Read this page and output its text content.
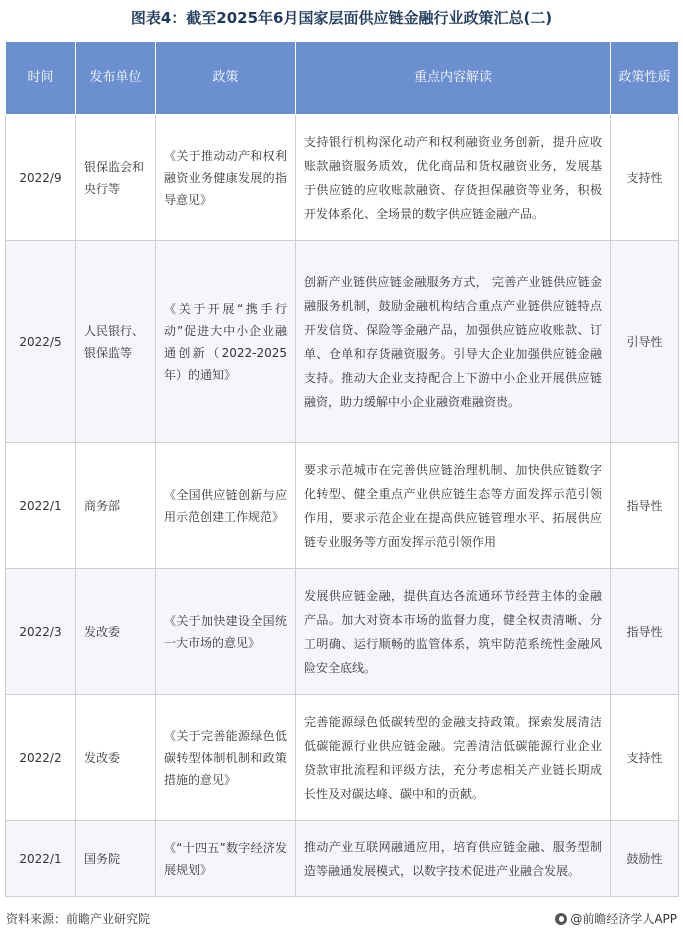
图表4：截至2025年6月国家层面供应链金融行业政策汇总(二)
时间	发布单位	政策	重点内容解读	政策性质
2022/9	银保监会和央行等	《关于推动动产和权利融资业务健康发展的指导意见》	支持银行机构深化动产和权利融资业务创新，提升应收账款融资服务质效，优化商品和货权融资业务，发展基于供应链的应收账款融资、存货担保融资等业务，积极开发体系化、全场景的数字供应链金融产品。	支持性
2022/5	人民银行、银保监等	《关于开展“携手行动”促进大中小企业融通创新（2022-2025年）的通知》	创新产业链供应链金融服务方式， 完善产业链供应链金融服务机制，鼓励金融机构结合重点产业链供应链特点开发信贷、保险等金融产品，加强供应链应收账款、订单、仓单和存货融资服务。引导大企业加强供应链金融支持。推动大企业支持配合上下游中小企业开展供应链融资，助力缓解中小企业融资难融资贵。	引导性
2022/1	商务部	《全国供应链创新与应用示范创建工作规范》	要求示范城市在完善供应链治理机制、加快供应链数字化转型、健全重点产业供应链生态等方面发挥示范引领作用，要求示范企业在提高供应链管理水平、拓展供应链专业服务等方面发挥示范引领作用	指导性
2022/3	发改委	《关于加快建设全国统一大市场的意见》	发展供应链金融，提供直达各流通环节经营主体的金融产品。加大对资本市场的监督力度，健全权责清晰、分工明确、运行顺畅的监管体系，筑牢防范系统性金融风险安全底线。	指导性
2022/2	发改委	《关于完善能源绿色低碳转型体制机制和政策措施的意见》	完善能源绿色低碳转型的金融支持政策。探索发展清洁低碳能源行业供应链金融。完善清洁低碳能源行业企业贷款审批流程和评级方法，充分考虑相关产业链长期成长性及对碳达峰、碳中和的贡献。	支持性
2022/1	国务院	《“十四五”数字经济发展规划》	推动产业互联网融通应用，培育供应链金融、服务型制造等融通发展模式，以数字技术促进产业融合发展。	鼓励性
资料来源：前瞻产业研究院	@前瞻经济学人APP
